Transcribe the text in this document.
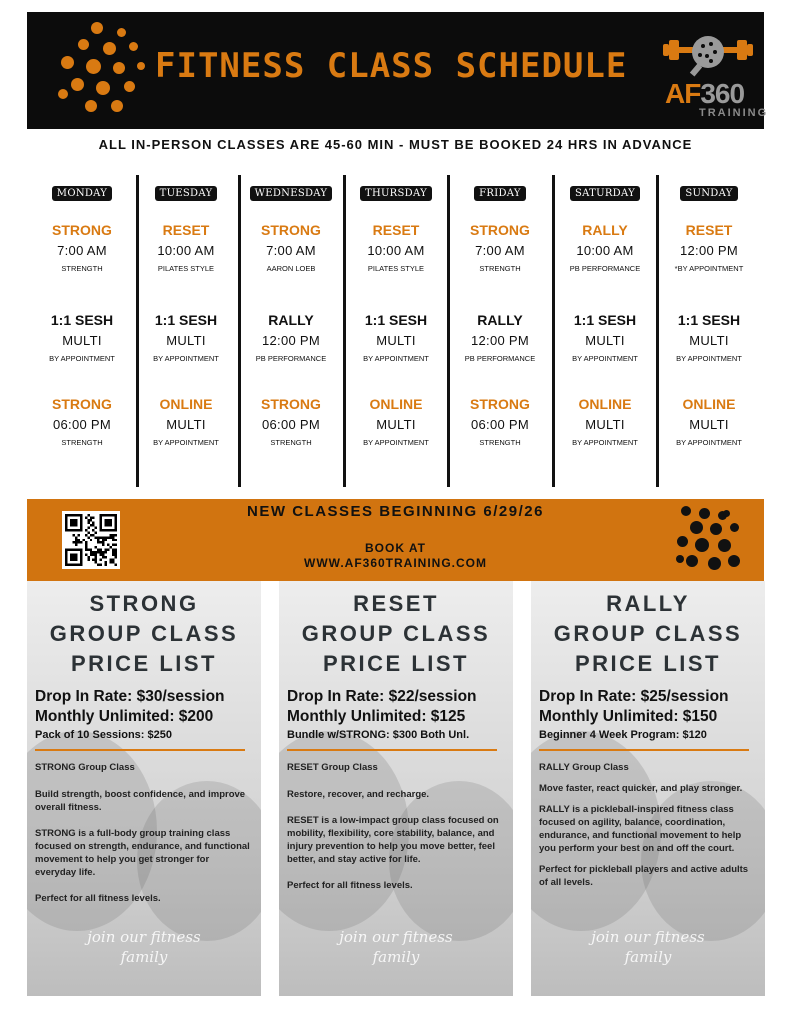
FITNESS CLASS SCHEDULE
AF360
TRAINING
ALL IN-PERSON CLASSES ARE 45-60 MIN - MUST BE BOOKED 24 HRS IN ADVANCE
MONDAY
STRONG
7:00 AM
STRENGTH
1:1 SESH
MULTI
BY APPOINTMENT
STRONG
06:00 PM
STRENGTH
TUESDAY
RESET
10:00 AM
PILATES STYLE
1:1 SESH
MULTI
BY APPOINTMENT
ONLINE
MULTI
BY APPOINTMENT
WEDNESDAY
STRONG
7:00 AM
AARON LOEB
RALLY
12:00 PM
PB PERFORMANCE
STRONG
06:00 PM
STRENGTH
THURSDAY
RESET
10:00 AM
PILATES STYLE
1:1 SESH
MULTI
BY APPOINTMENT
ONLINE
MULTI
BY APPOINTMENT
FRIDAY
STRONG
7:00 AM
STRENGTH
RALLY
12:00 PM
PB PERFORMANCE
STRONG
06:00 PM
STRENGTH
SATURDAY
RALLY
10:00 AM
PB PERFORMANCE
1:1 SESH
MULTI
BY APPOINTMENT
ONLINE
MULTI
BY APPOINTMENT
SUNDAY
RESET
12:00 PM
*BY APPOINTMENT
1:1 SESH
MULTI
BY APPOINTMENT
ONLINE
MULTI
BY APPOINTMENT
NEW CLASSES BEGINNING 6/29/26
BOOK AT
WWW.AF360TRAINING.COM
STRONG
GROUP CLASS
PRICE LIST
Drop In Rate: $30/session
Monthly Unlimited: $200
Pack of 10 Sessions: $250

STRONG Group Class

Build strength, boost confidence, and improve overall fitness.

STRONG is a full-body group training class focused on strength, endurance, and functional movement to help you get stronger for everyday life.

Perfect for all fitness levels.

join our fitness family
RESET
GROUP CLASS
PRICE LIST
Drop In Rate: $22/session
Monthly Unlimited: $125
Bundle w/STRONG: $300 Both Unl.

RESET Group Class

Restore, recover, and recharge.

RESET is a low-impact group class focused on mobility, flexibility, core stability, balance, and injury prevention to help you move better, feel better, and stay active for life.

Perfect for all fitness levels.

join our fitness family
RALLY
GROUP CLASS
PRICE LIST
Drop In Rate: $25/session
Monthly Unlimited: $150
Beginner 4 Week Program: $120

RALLY Group Class

Move faster, react quicker, and play stronger.

RALLY is a pickleball-inspired fitness class focused on agility, balance, coordination, endurance, and functional movement to help you perform your best on and off the court.

Perfect for pickleball players and active adults of all levels.

join our fitness family
